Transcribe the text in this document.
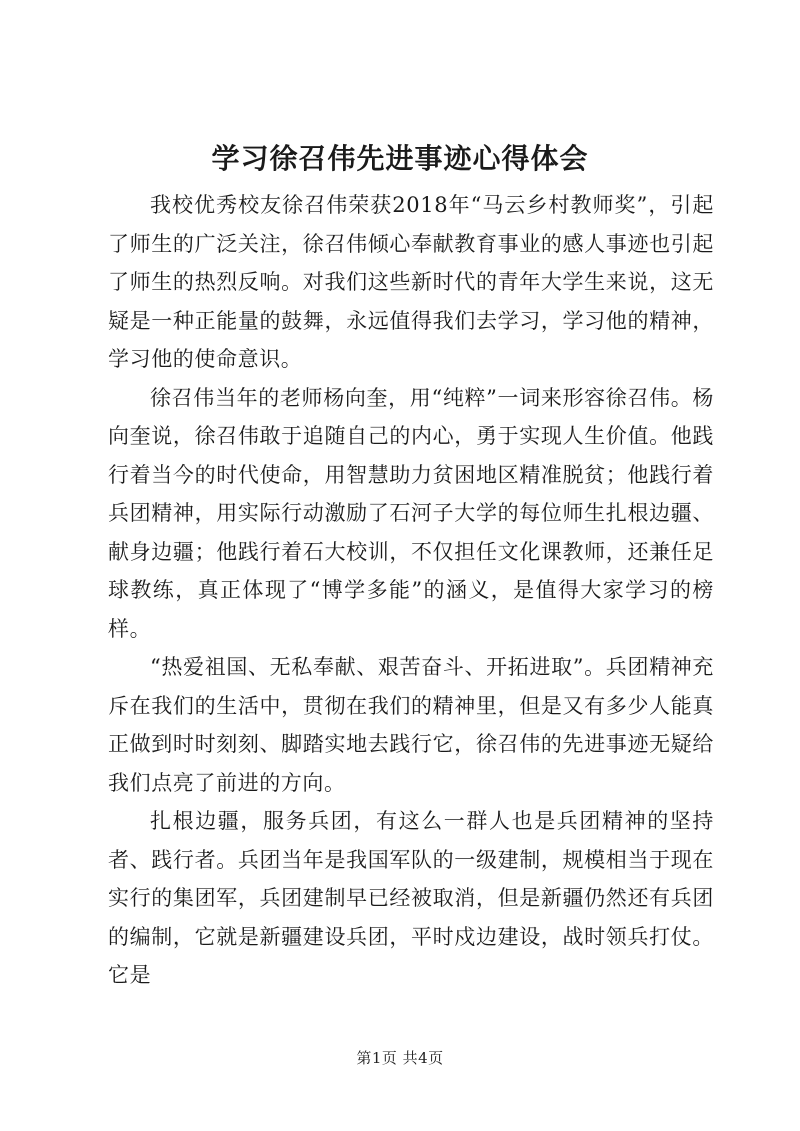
学习徐召伟先进事迹心得体会

我校优秀校友徐召伟荣获2018年“马云乡村教师奖”，引起了师生的广泛关注，徐召伟倾心奉献教育事业的感人事迹也引起了师生的热烈反响。对我们这些新时代的青年大学生来说，这无疑是一种正能量的鼓舞，永远值得我们去学习，学习他的精神，学习他的使命意识。

徐召伟当年的老师杨向奎，用“纯粹”一词来形容徐召伟。杨向奎说，徐召伟敢于追随自己的内心，勇于实现人生价值。他践行着当今的时代使命，用智慧助力贫困地区精准脱贫；他践行着兵团精神，用实际行动激励了石河子大学的每位师生扎根边疆、献身边疆；他践行着石大校训，不仅担任文化课教师，还兼任足球教练，真正体现了“博学多能”的涵义，是值得大家学习的榜样。

“热爱祖国、无私奉献、艰苦奋斗、开拓进取”。兵团精神充斥在我们的生活中，贯彻在我们的精神里，但是又有多少人能真正做到时时刻刻、脚踏实地去践行它，徐召伟的先进事迹无疑给我们点亮了前进的方向。

扎根边疆，服务兵团，有这么一群人也是兵团精神的坚持者、践行者。兵团当年是我国军队的一级建制，规模相当于现在实行的集团军，兵团建制早已经被取消，但是新疆仍然还有兵团的编制，它就是新疆建设兵团，平时戍边建设，战时领兵打仗。它是

第1页 共4页
